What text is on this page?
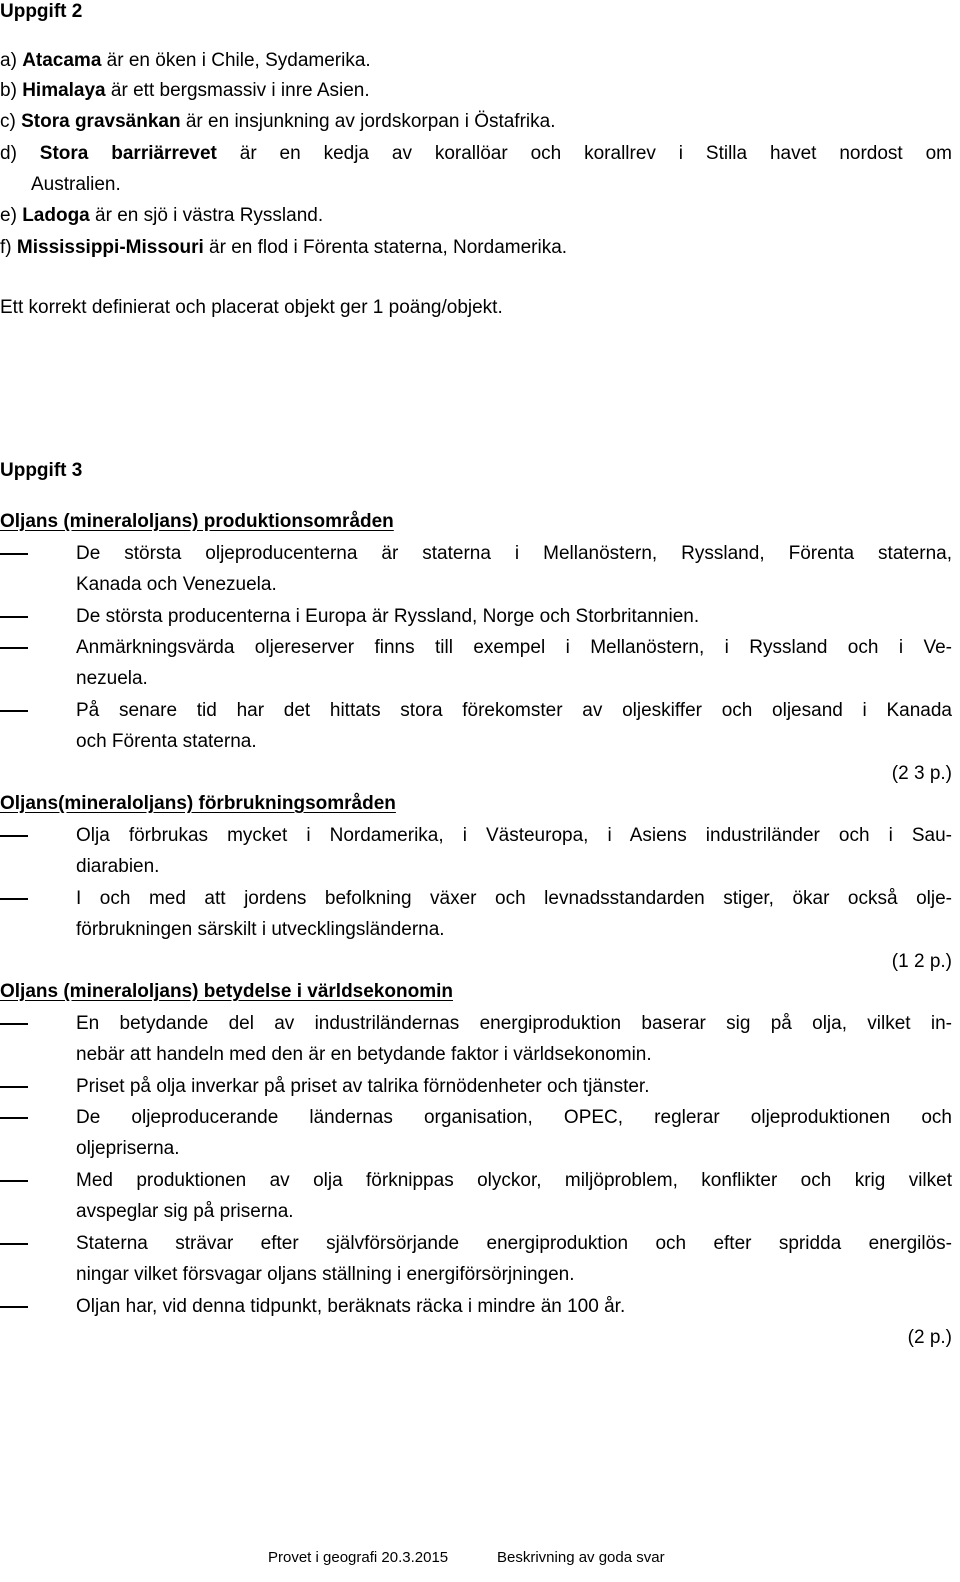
Uppgift 2
a) Atacama är en öken i Chile, Sydamerika.
b) Himalaya är ett bergsmassiv i inre Asien.
c) Stora gravsänkan är en insjunkning av jordskorpan i Östafrika.
d) Stora barriärrevet är en kedja av korallöar och korallrev i Stilla havet nordost om
Australien.
e) Ladoga är en sjö i västra Ryssland.
f) Mississippi-Missouri är en flod i Förenta staterna, Nordamerika.
Ett korrekt definierat och placerat objekt ger 1 poäng/objekt.
Uppgift 3
Oljans (mineraloljans) produktionsområden
De största oljeproducenterna är staterna i Mellanöstern, Ryssland, Förenta staterna,
Kanada och Venezuela.
De största producenterna i Europa är Ryssland, Norge och Storbritannien.
Anmärkningsvärda oljereserver finns till exempel i Mellanöstern, i Ryssland och i Ve-
nezuela.
På senare tid har det hittats stora förekomster av oljeskiffer och oljesand i Kanada
och Förenta staterna.
(2 3 p.)
Oljans(mineraloljans) förbrukningsområden
Olja förbrukas mycket i Nordamerika, i Västeuropa, i Asiens industriländer och i Sau-
diarabien.
I och med att jordens befolkning växer och levnadsstandarden stiger, ökar också olje-
förbrukningen särskilt i utvecklingsländerna.
(1 2 p.)
Oljans (mineraloljans) betydelse i världsekonomin
En betydande del av industriländernas energiproduktion baserar sig på olja, vilket in-
nebär att handeln med den är en betydande faktor i världsekonomin.
Priset på olja inverkar på priset av talrika förnödenheter och tjänster.
De oljeproducerande ländernas organisation, OPEC, reglerar oljeproduktionen och
oljepriserna.
Med produktionen av olja förknippas olyckor, miljöproblem, konflikter och krig vilket
avspeglar sig på priserna.
Staterna strävar efter självförsörjande energiproduktion och efter spridda energilös-
ningar vilket försvagar oljans ställning i energiförsörjningen.
Oljan har, vid denna tidpunkt, beräknats räcka i mindre än 100 år.
(2 p.)
Provet i geografi 20.3.2015	Beskrivning av goda svar
